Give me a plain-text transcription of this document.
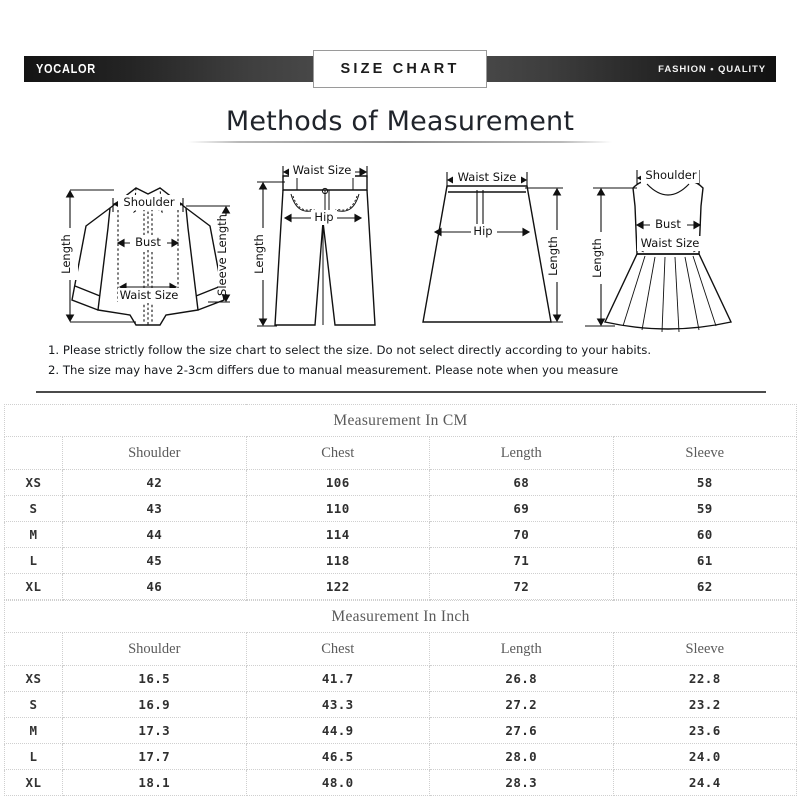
YOCALOR	FASHION • QUALITY
SIZE CHART
Methods of Measurement
Shoulder
Bust
Waist Size
Length	Sleeve Length
Waist Size
Hip
Length
Waist Size
Hip
Length
Shoulder
Bust
Waist Size
Length
1. Please strictly follow the size chart to select the size. Do not select directly according to your habits.
2. The size may have 2-3cm differs due to manual measurement. Please note when you measure
Measurement In CM				
	Shoulder	Chest	Length	Sleeve
XS	42	106	68	58
S	43	110	69	59
M	44	114	70	60
L	45	118	71	61
XL	46	122	72	62
Measurement In Inch				
	Shoulder	Chest	Length	Sleeve
XS	16.5	41.7	26.8	22.8
S	16.9	43.3	27.2	23.2
M	17.3	44.9	27.6	23.6
L	17.7	46.5	28.0	24.0
XL	18.1	48.0	28.3	24.4
